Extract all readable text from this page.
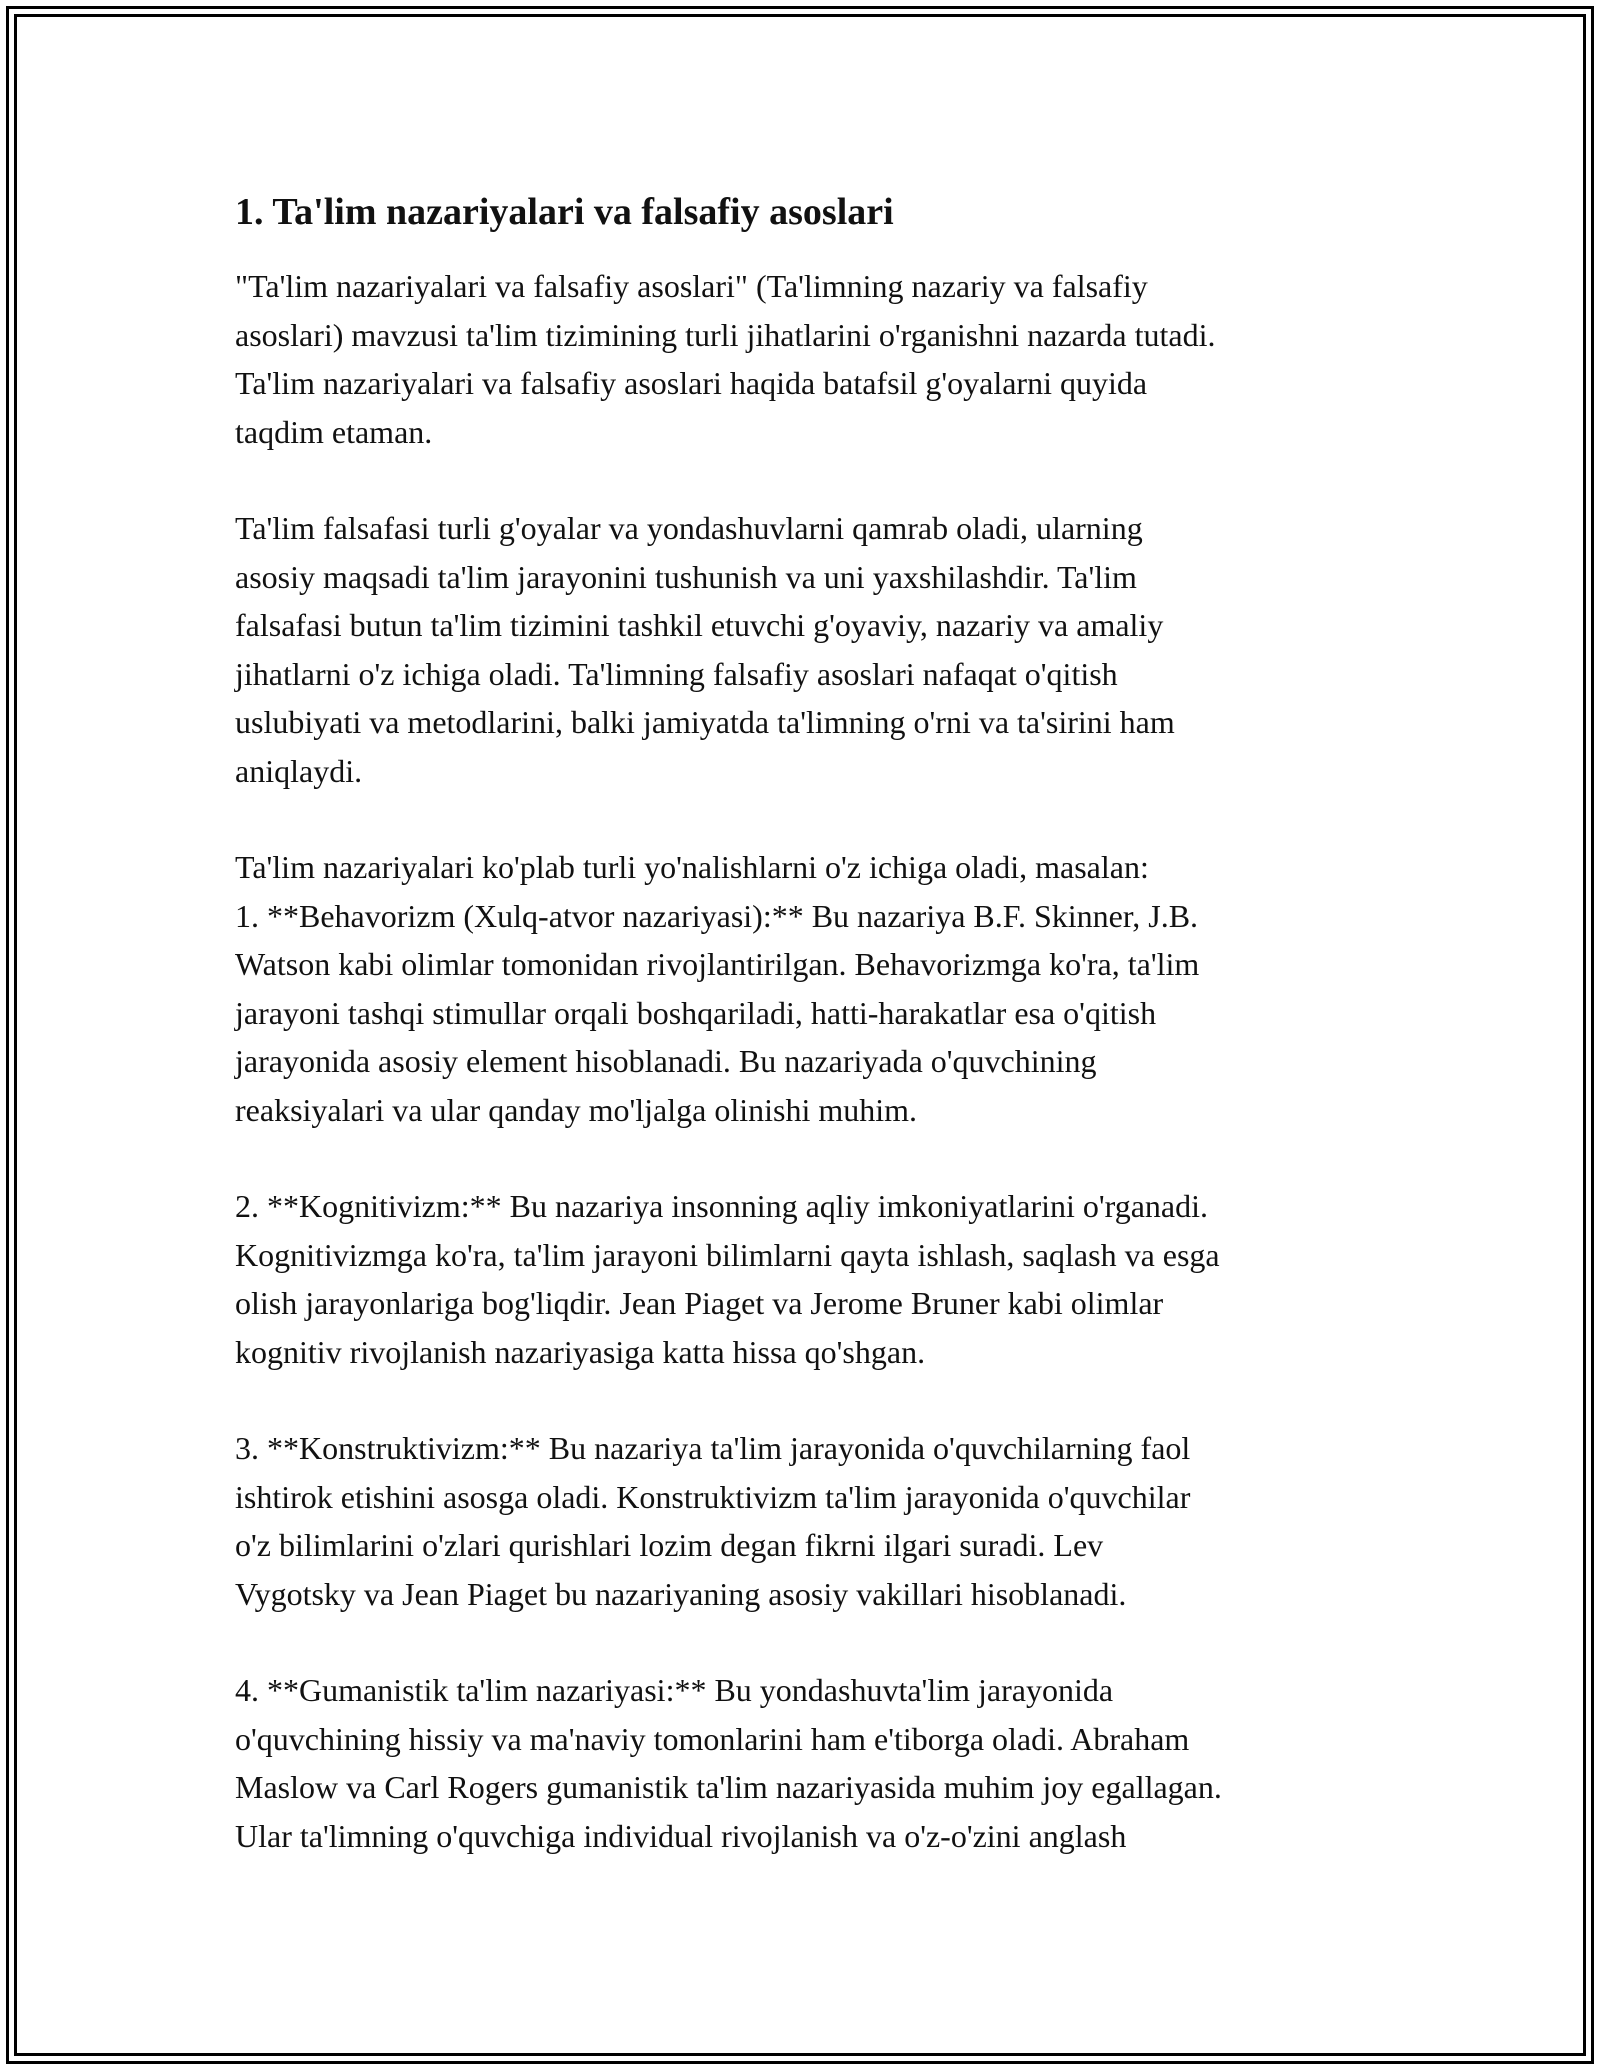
1. Ta'lim nazariyalari va falsafiy asoslari
"Ta'lim nazariyalari va falsafiy asoslari" (Ta'limning nazariy va falsafiy
asoslari) mavzusi ta'lim tizimining turli jihatlarini o'rganishni nazarda tutadi.
Ta'lim nazariyalari va falsafiy asoslari haqida batafsil g'oyalarni quyida
taqdim etaman.
Ta'lim falsafasi turli g'oyalar va yondashuvlarni qamrab oladi, ularning
asosiy maqsadi ta'lim jarayonini tushunish va uni yaxshilashdir. Ta'lim
falsafasi butun ta'lim tizimini tashkil etuvchi g'oyaviy, nazariy va amaliy
jihatlarni o'z ichiga oladi. Ta'limning falsafiy asoslari nafaqat o'qitish
uslubiyati va metodlarini, balki jamiyatda ta'limning o'rni va ta'sirini ham
aniqlaydi.
Ta'lim nazariyalari ko'plab turli yo'nalishlarni o'z ichiga oladi, masalan:
1. **Behavorizm (Xulq-atvor nazariyasi):** Bu nazariya B.F. Skinner, J.B.
Watson kabi olimlar tomonidan rivojlantirilgan. Behavorizmga ko'ra, ta'lim
jarayoni tashqi stimullar orqali boshqariladi, hatti-harakatlar esa o'qitish
jarayonida asosiy element hisoblanadi. Bu nazariyada o'quvchining
reaksiyalari va ular qanday mo'ljalga olinishi muhim.
2. **Kognitivizm:** Bu nazariya insonning aqliy imkoniyatlarini o'rganadi.
Kognitivizmga ko'ra, ta'lim jarayoni bilimlarni qayta ishlash, saqlash va esga
olish jarayonlariga bog'liqdir. Jean Piaget va Jerome Bruner kabi olimlar
kognitiv rivojlanish nazariyasiga katta hissa qo'shgan.
3. **Konstruktivizm:** Bu nazariya ta'lim jarayonida o'quvchilarning faol
ishtirok etishini asosga oladi. Konstruktivizm ta'lim jarayonida o'quvchilar
o'z bilimlarini o'zlari qurishlari lozim degan fikrni ilgari suradi. Lev
Vygotsky va Jean Piaget bu nazariyaning asosiy vakillari hisoblanadi.
4. **Gumanistik ta'lim nazariyasi:** Bu yondashuvta'lim jarayonida
o'quvchining hissiy va ma'naviy tomonlarini ham e'tiborga oladi. Abraham
Maslow va Carl Rogers gumanistik ta'lim nazariyasida muhim joy egallagan.
Ular ta'limning o'quvchiga individual rivojlanish va o'z-o'zini anglash
